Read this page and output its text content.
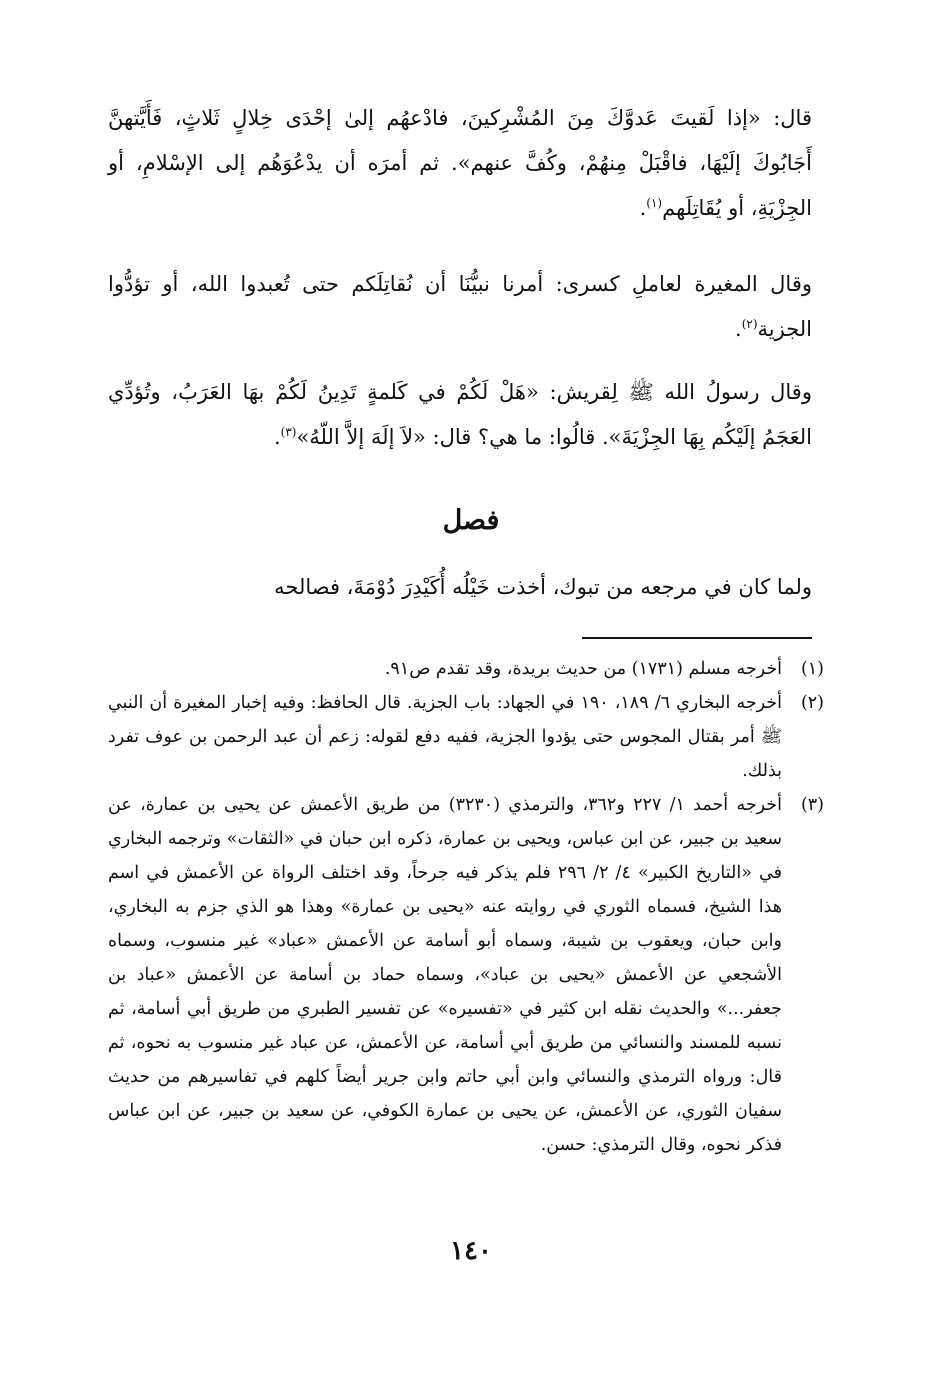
قال: «إذا لَقيتَ عَدوَّكَ مِنَ المُشْرِكينَ، فادْعهُم إلىٰ إحْدَى خِلالٍ ثَلاثٍ، فَأَيَّتهنَّ أَجَابُوكَ إلَيْهَا، فاقْبَلْ مِنهُمْ، وكُفَّ عنهم». ثم أمرَه أن يدْعُوَهُم إلى الإسْلامِ، أو الجِزْيَةِ، أو يُقَاتِلَهم$^{(١)}$.

وقال المغيرة لعاملِ كسرى: أمرنا نبيُّنَا أن نُقاتِلَكم حتى تُعبدوا الله، أو تؤدُّوا الجزية$^{(٢)}$.

وقال رسولُ الله ﷺ لِقريش: «هَلْ لَكُمْ في كَلمةٍ تَدِينُ لَكُمْ بهَا العَرَبُ، وتُؤدِّي العَجَمُ إلَيْكُم بِهَا الجِزْيَةَ». قالُوا: ما هي؟ قال: «لاَ إلَهَ إلاَّ اللّهُ»$^{(٣)}$.

فصل

ولما كان في مرجعه من تبوك، أخذت خَيْلُه أُكَيْدِرَ دُوْمَةَ، فصالحه

(١)
أخرجه مسلم (١٧٣١) من حديث بريدة، وقد تقدم ص٩١.
(٢)
أخرجه البخاري ٦/ ١٨٩، ١٩٠ في الجهاد: باب الجزية. قال الحافظ: وفيه إخبار المغيرة أن النبي ﷺ أمر بقتال المجوس حتى يؤدوا الجزية، ففيه دفع لقوله: زعم أن عبد الرحمن بن عوف تفرد بذلك.
(٣)
أخرجه أحمد ١/ ٢٢٧ و٣٦٢، والترمذي (٣٢٣٠) من طريق الأعمش عن يحيى بن عمارة، عن سعيد بن جبير، عن ابن عباس، ويحيى بن عمارة، ذكره ابن حبان في «الثقات» وترجمه البخاري في «التاريخ الكبير» ٤/ ٢/ ٢٩٦ فلم يذكر فيه جرحاً، وقد اختلف الرواة عن الأعمش في اسم هذا الشيخ، فسماه الثوري في روايته عنه «يحيى بن عمارة» وهذا هو الذي جزم به البخاري، وابن حبان، ويعقوب بن شيبة، وسماه أبو أسامة عن الأعمش «عباد» غير منسوب، وسماه الأشجعي عن الأعمش «يحيى بن عباد»، وسماه حماد بن أسامة عن الأعمش «عباد بن جعفر...» والحديث نقله ابن كثير في «تفسيره» عن تفسير الطبري من طريق أبي أسامة، ثم نسبه للمسند والنسائي من طريق أبي أسامة، عن الأعمش، عن عباد غير منسوب به نحوه، ثم قال: ورواه الترمذي والنسائي وابن أبي حاتم وابن جرير أيضاً كلهم في تفاسيرهم من حديث سفيان الثوري، عن الأعمش، عن يحيى بن عمارة الكوفي، عن سعيد بن جبير، عن ابن عباس فذكر نحوه، وقال الترمذي: حسن.
١٤٠
